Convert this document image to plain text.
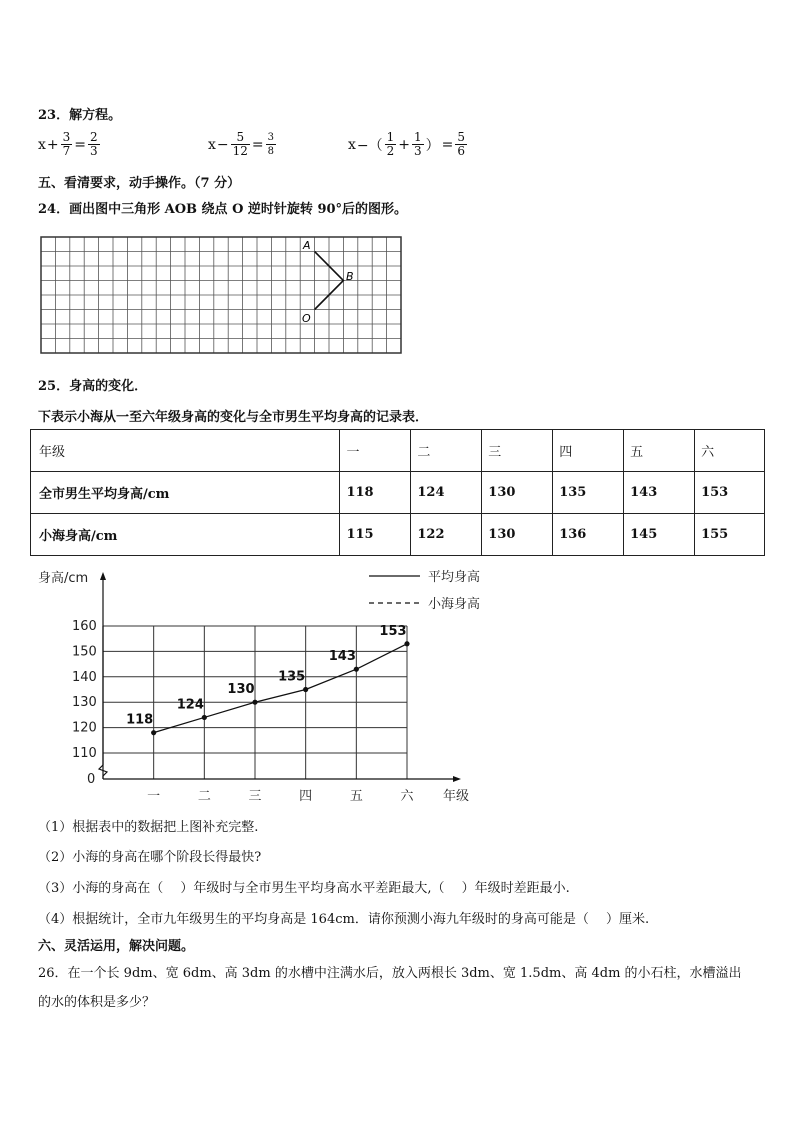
23．解方程。
$x + \frac{3}{7} = \frac{2}{3}$	$x - \frac{5}{12} = \frac{3}{8}$	x −（ $\frac{1}{2} + \frac{1}{3}$ ） = $\frac{5}{6}$
五、看清要求，动手操作。（7 分）
24．画出图中三角形 AOB 绕点 O 逆时针旋转 90°后的图形。
A
B
O
25．身高的变化．
下表示小海从一至六年级身高的变化与全市男生平均身高的记录表．
年级	一	二	三	四	五	六
全市男生平均身高/cm	118	124	130	135	143	153
小海身高/cm	115	122	130	136	145	155
身高/cm
0
110
120
130
140
150
160
一	二	三	四	五	六 年级
118
124
130
135
143
153
平均身高
小海身高
（1）根据表中的数据把上图补充完整.
（2）小海的身高在哪个阶段长得最快?
（3）小海的身高在（　 ）年级时与全市男生平均身高水平差距最大,（　 ）年级时差距最小.
（4）根据统计，全市九年级男生的平均身高是 164cm．请你预测小海九年级时的身高可能是（　 ）厘米.
六、灵活运用，解决问题。
26．在一个长 9dm、宽 6dm、高 3dm 的水槽中注满水后，放入两根长 3dm、宽 1.5dm、高 4dm 的小石柱，水槽溢出
的水的体积是多少？
